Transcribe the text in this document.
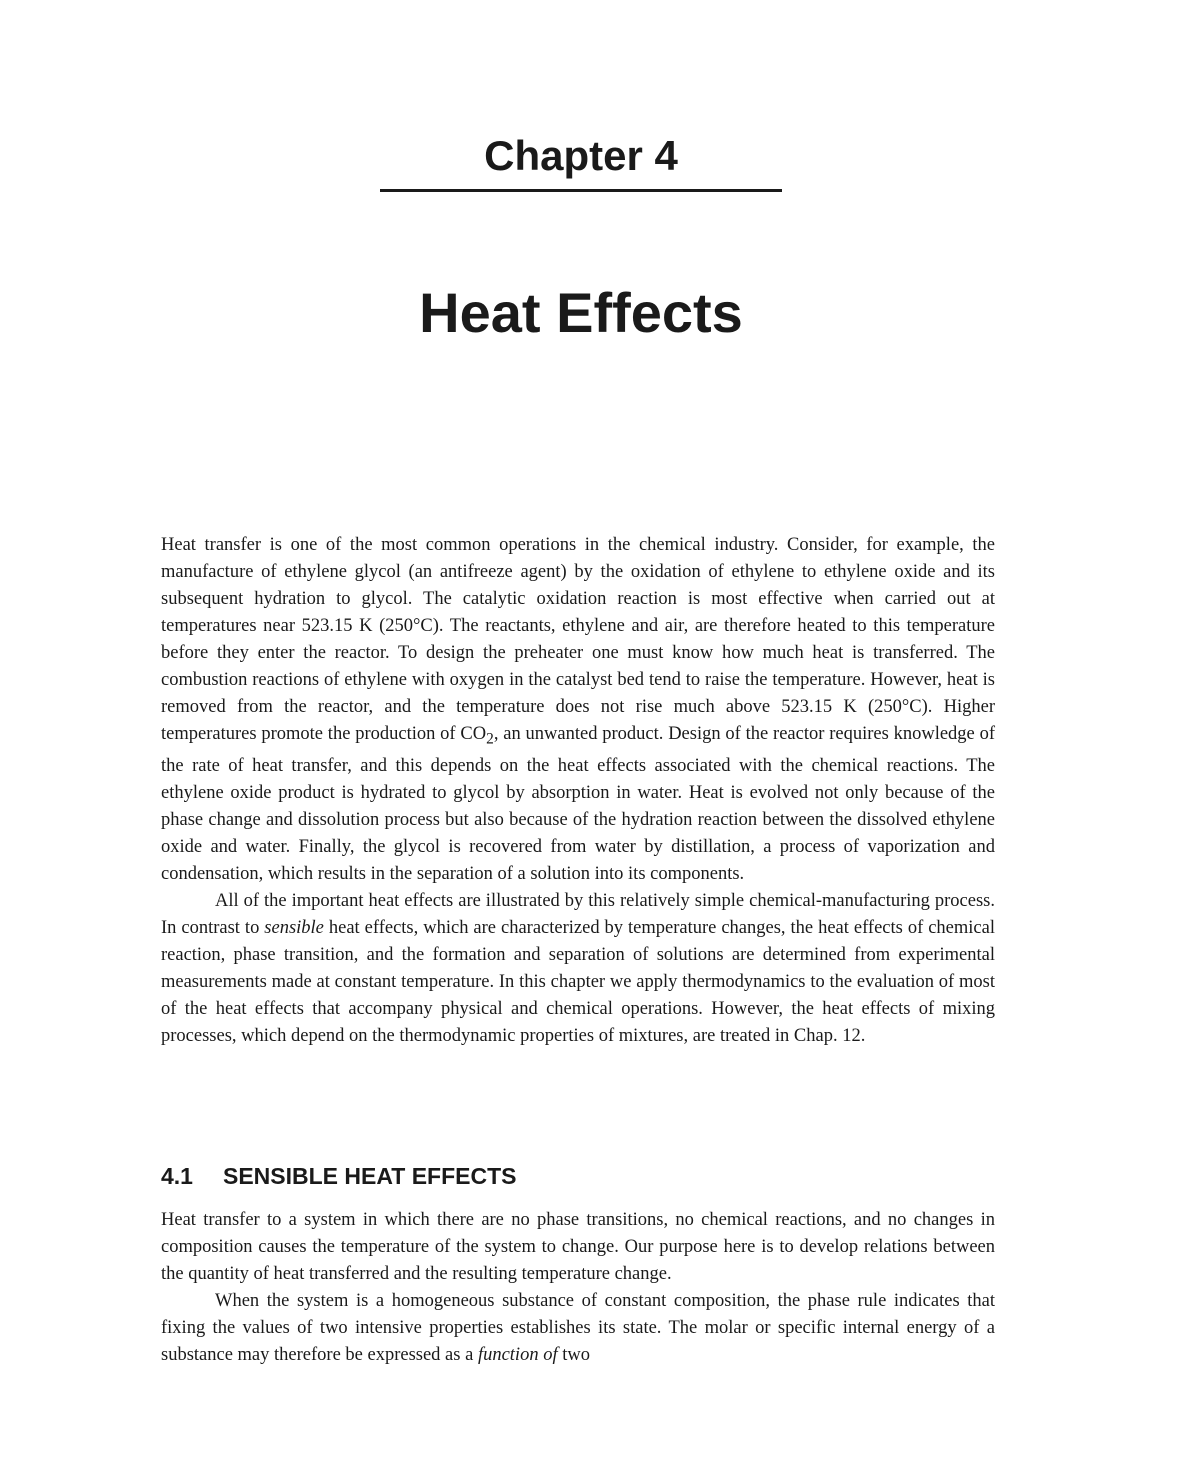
Chapter 4
Heat Effects

Heat transfer is one of the most common operations in the chemical industry. Consider, for example, the manufacture of ethylene glycol (an antifreeze agent) by the oxidation of ethylene to ethylene oxide and its subsequent hydration to glycol. The catalytic oxidation reaction is most effective when carried out at temperatures near 523.15 K (250°C). The reactants, ethylene and air, are therefore heated to this temperature before they enter the reactor. To design the preheater one must know how much heat is transferred. The combustion reactions of ethylene with oxygen in the catalyst bed tend to raise the temperature. However, heat is removed from the reactor, and the temperature does not rise much above 523.15 K (250°C). Higher temperatures promote the production of $CO_2$, an unwanted product. Design of the reactor requires knowledge of the rate of heat transfer, and this depends on the heat effects associated with the chemical reactions. The ethylene oxide product is hydrated to glycol by absorption in water. Heat is evolved not only because of the phase change and dissolution process but also because of the hydration reaction between the dissolved ethylene oxide and water. Finally, the glycol is recovered from water by distillation, a process of vaporization and condensation, which results in the separation of a solution into its components.

All of the important heat effects are illustrated by this relatively simple chemical-manufacturing process. In contrast to sensible heat effects, which are characterized by temperature changes, the heat effects of chemical reaction, phase transition, and the formation and separation of solutions are determined from experimental measurements made at constant temperature. In this chapter we apply thermodynamics to the evaluation of most of the heat effects that accompany physical and chemical operations. However, the heat effects of mixing processes, which depend on the thermodynamic properties of mixtures, are treated in Chap. 12.

4.1 SENSIBLE HEAT EFFECTS

Heat transfer to a system in which there are no phase transitions, no chemical reactions, and no changes in composition causes the temperature of the system to change. Our purpose here is to develop relations between the quantity of heat transferred and the resulting temperature change.

When the system is a homogeneous substance of constant composition, the phase rule indicates that fixing the values of two intensive properties establishes its state. The molar or specific internal energy of a substance may therefore be expressed as a function of two
